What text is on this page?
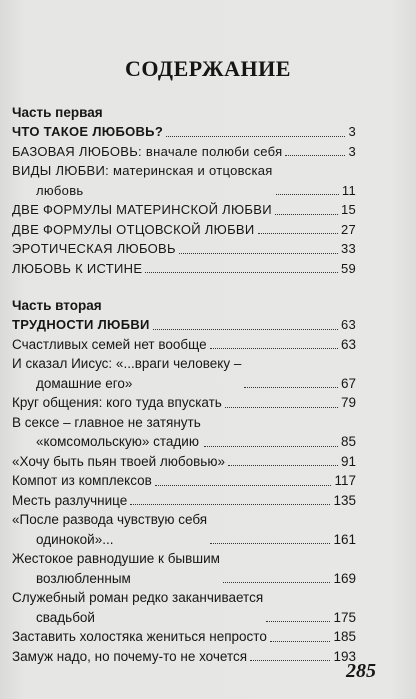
СОДЕРЖАНИЕ
Часть первая
ЧТО ТАКОЕ ЛЮБОВЬ?	3
БАЗОВАЯ ЛЮБОВЬ: вначале полюби себя	3
ВИДЫ ЛЮБВИ: материнская и отцовская
любовь	11
ДВЕ ФОРМУЛЫ МАТЕРИНСКОЙ ЛЮБВИ	15
ДВЕ ФОРМУЛЫ ОТЦОВСКОЙ ЛЮБВИ	27
ЭРОТИЧЕСКАЯ ЛЮБОВЬ	33
ЛЮБОВЬ К ИСТИНЕ	59
Часть вторая
ТРУДНОСТИ ЛЮБВИ	63
Счастливых семей нет вообще	63
И сказал Иисус: «...враги человеку –
домашние его»	67
Круг общения: кого туда впускать	79
В сексе – главное не затянуть
«комсомольскую» стадию	85
«Хочу быть пьян твоей любовью»	91
Компот из комплексов	117
Месть разлучнице	135
«После развода чувствую себя
одинокой»...	161
Жестокое равнодушие к бывшим
возлюбленным	169
Служебный роман редко заканчивается
свадьбой	175
Заставить холостяка жениться непросто	185
Замуж надо, но почему-то не хочется	193
285
